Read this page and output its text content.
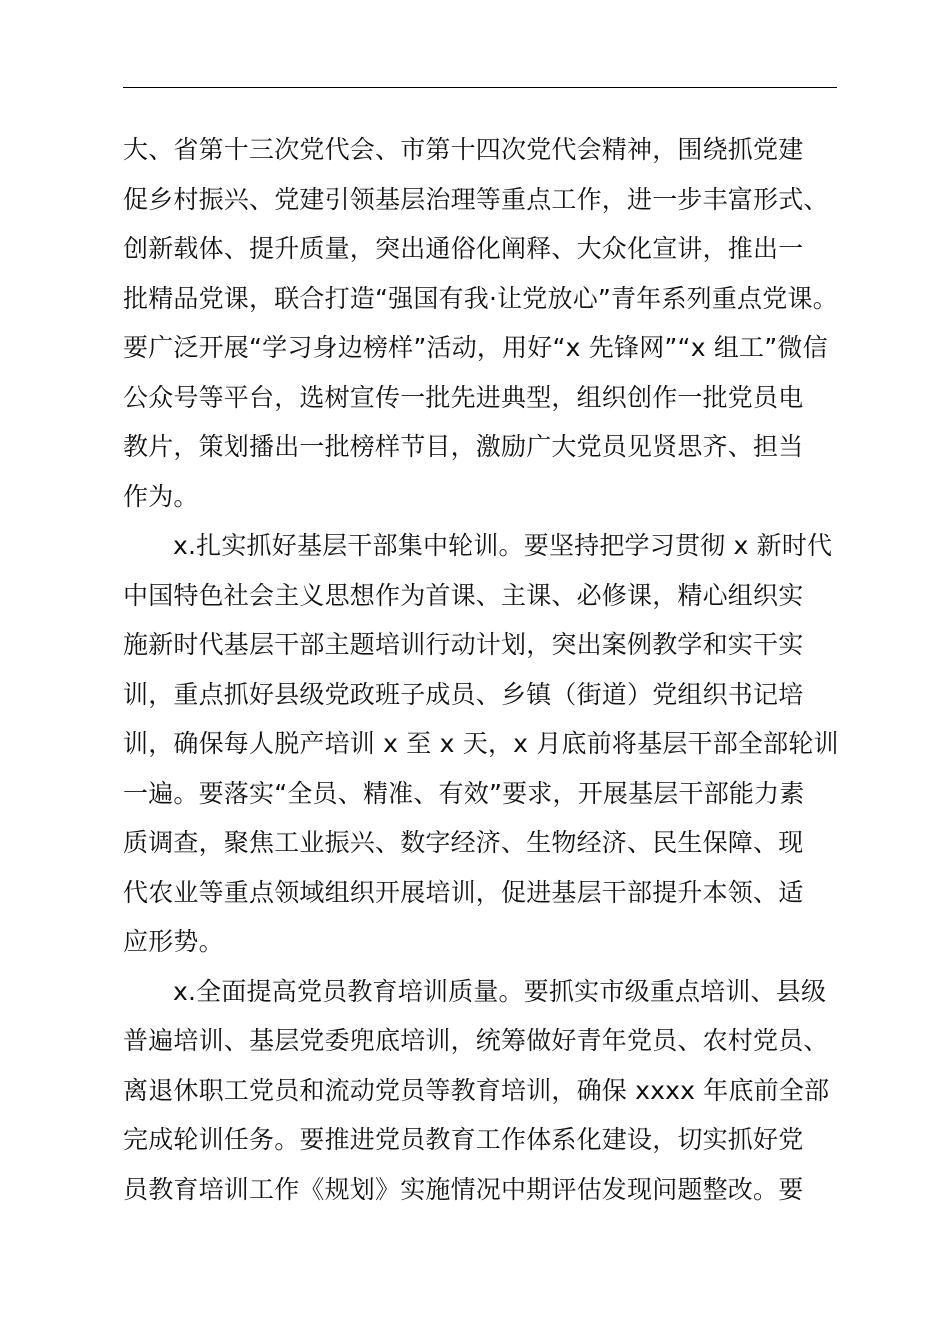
大、省第十三次党代会、市第十四次党代会精神，围绕抓党建
促乡村振兴、党建引领基层治理等重点工作，进一步丰富形式、
创新载体、提升质量，突出通俗化阐释、大众化宣讲，推出一
批精品党课，联合打造“强国有我·让党放心”青年系列重点党课。
要广泛开展“学习身边榜样”活动，用好“x 先锋网”“x 组工”微信
公众号等平台，选树宣传一批先进典型，组织创作一批党员电
教片，策划播出一批榜样节目，激励广大党员见贤思齐、担当
作为。
x.扎实抓好基层干部集中轮训。要坚持把学习贯彻 x 新时代
中国特色社会主义思想作为首课、主课、必修课，精心组织实
施新时代基层干部主题培训行动计划，突出案例教学和实干实
训，重点抓好县级党政班子成员、乡镇（街道）党组织书记培
训，确保每人脱产培训 x 至 x 天，x 月底前将基层干部全部轮训
一遍。要落实“全员、精准、有效”要求，开展基层干部能力素
质调查，聚焦工业振兴、数字经济、生物经济、民生保障、现
代农业等重点领域组织开展培训，促进基层干部提升本领、适
应形势。
x.全面提高党员教育培训质量。要抓实市级重点培训、县级
普遍培训、基层党委兜底培训，统筹做好青年党员、农村党员、
离退休职工党员和流动党员等教育培训，确保 xxxx 年底前全部
完成轮训任务。要推进党员教育工作体系化建设，切实抓好党
员教育培训工作《规划》实施情况中期评估发现问题整改。要
